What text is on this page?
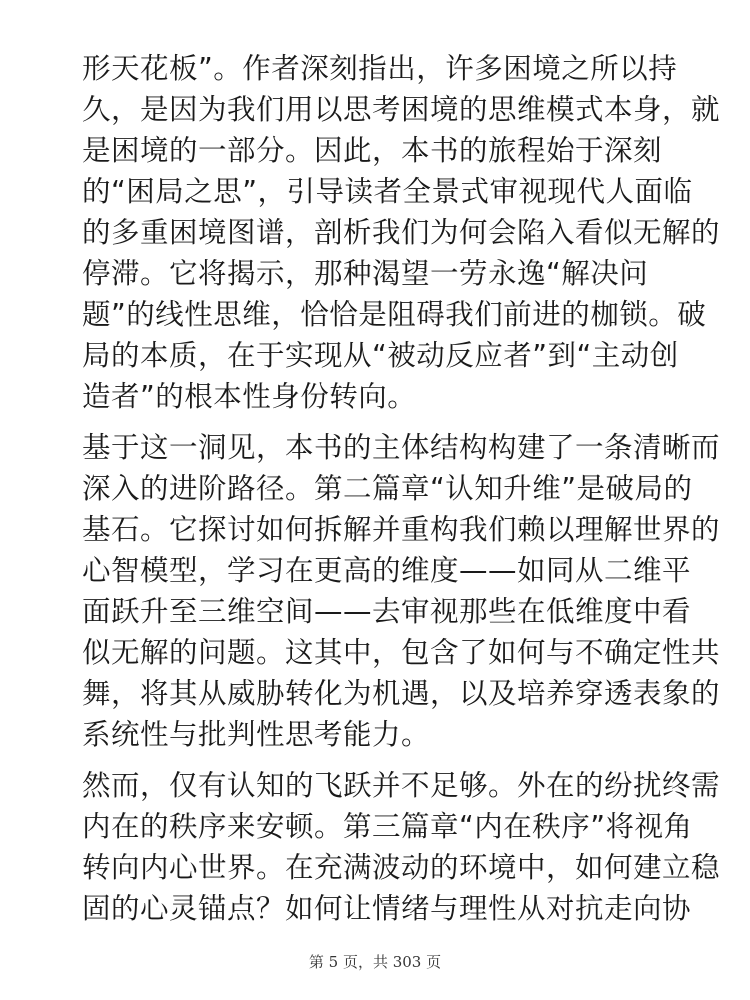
形天花板”。作者深刻指出，许多困境之所以持
久，是因为我们用以思考困境的思维模式本身，就
是困境的一部分。因此，本书的旅程始于深刻
的“困局之思”，引导读者全景式审视现代人面临
的多重困境图谱，剖析我们为何会陷入看似无解的
停滞。它将揭示，那种渴望一劳永逸“解决问
题”的线性思维，恰恰是阻碍我们前进的枷锁。破
局的本质，在于实现从“被动反应者”到“主动创
造者”的根本性身份转向。
基于这一洞见，本书的主体结构构建了一条清晰而
深入的进阶路径。第二篇章“认知升维”是破局的
基石。它探讨如何拆解并重构我们赖以理解世界的
心智模型，学习在更高的维度——如同从二维平
面跃升至三维空间——去审视那些在低维度中看
似无解的问题。这其中，包含了如何与不确定性共
舞，将其从威胁转化为机遇，以及培养穿透表象的
系统性与批判性思考能力。
然而，仅有认知的飞跃并不足够。外在的纷扰终需
内在的秩序来安顿。第三篇章“内在秩序”将视角
转向内心世界。在充满波动的环境中，如何建立稳
固的心灵锚点？如何让情绪与理性从对抗走向协
第 5 页，共 303 页
